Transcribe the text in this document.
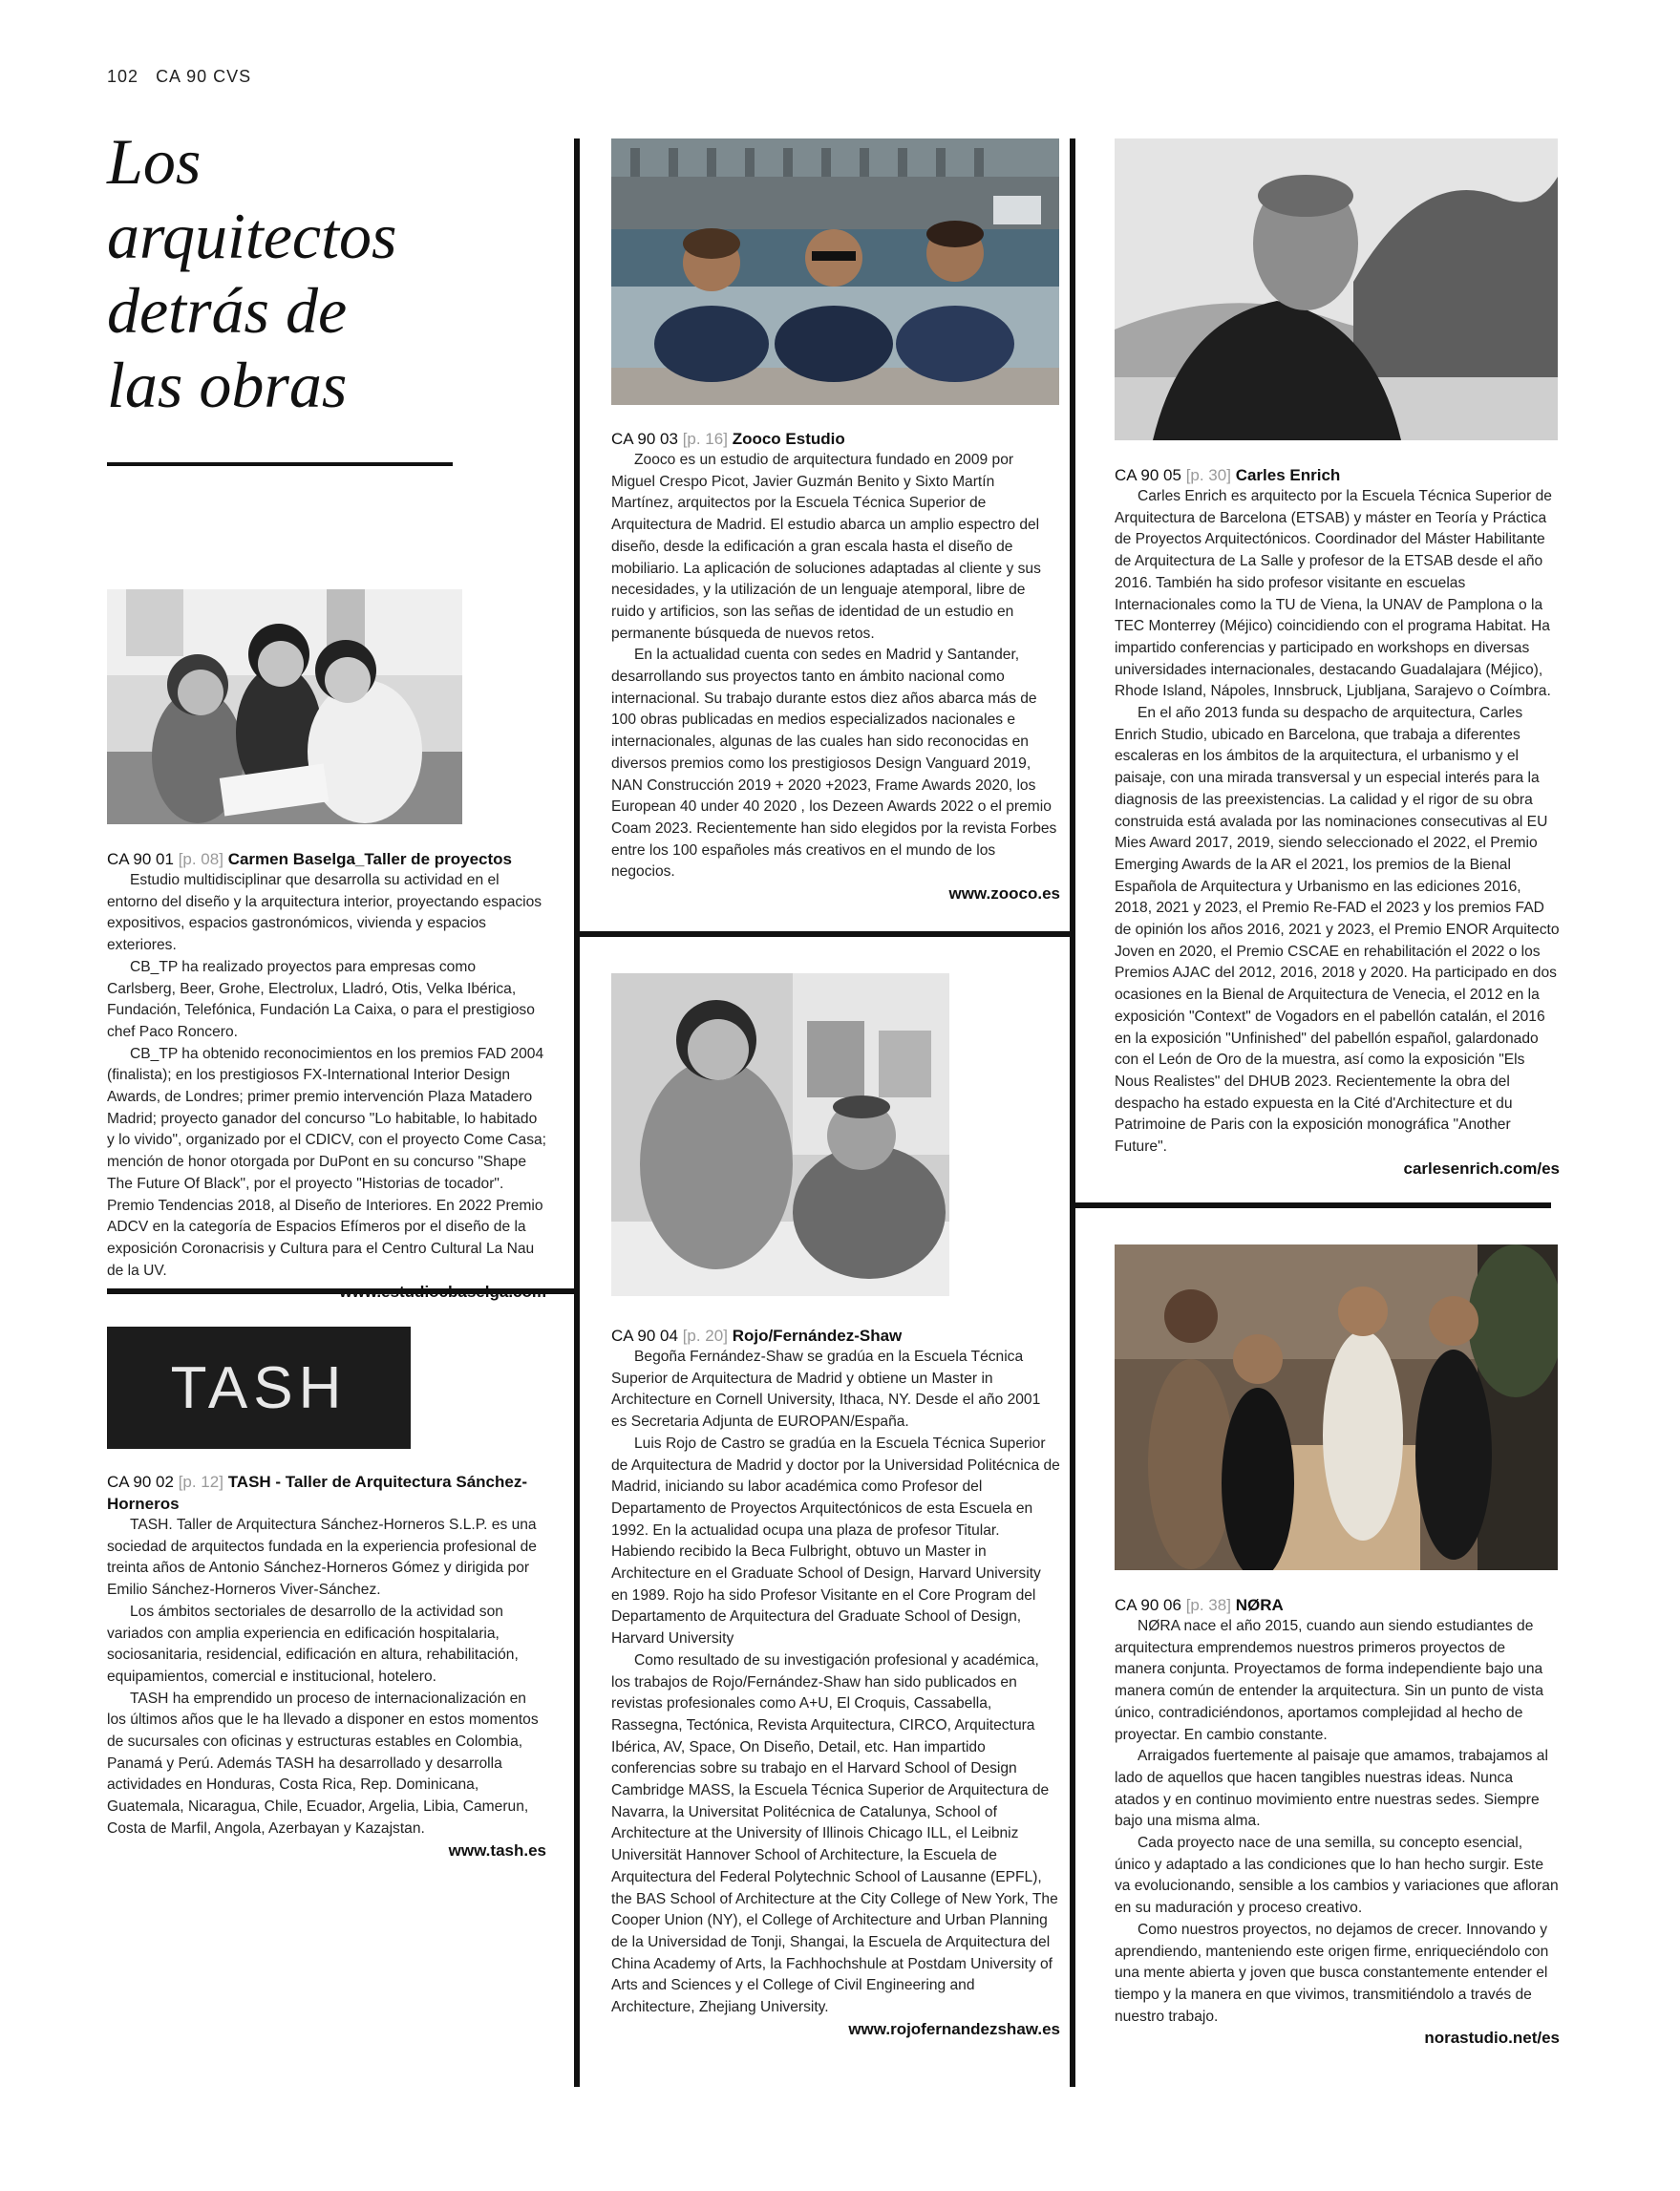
102 CA 90 CVS
Los
arquitectos
detrás de
las obras
CA 90 01 [p. 08] Carmen Baselga_Taller de proyectos

Estudio multidisciplinar que desarrolla su actividad en el entorno del diseño y la arquitectura interior, proyectando espacios expositivos, espacios gastronómicos, vivienda y espacios exteriores.

CB_TP ha realizado proyectos para empresas como Carlsberg, Beer, Grohe, Electrolux, Lladró, Otis, Velka Ibérica, Fundación, Telefónica, Fundación La Caixa, o para el prestigioso chef Paco Roncero.

CB_TP ha obtenido reconocimientos en los premios FAD 2004 (finalista); en los prestigiosos FX-International Interior Design Awards, de Londres; primer premio intervención Plaza Matadero Madrid; proyecto ganador del concurso "Lo habitable, lo habitado y lo vivido", organizado por el CDICV, con el proyecto Come Casa; mención de honor otorgada por DuPont en su concurso "Shape The Future Of Black", por el proyecto "Historias de tocador". Premio Tendencias 2018, al Diseño de Interiores. En 2022 Premio ADCV en la categoría de Espacios Efímeros por el diseño de la exposición Coronacrisis y Cultura para el Centro Cultural La Nau de la UV.

www.estudiocbaselga.com
TASH
CA 90 02 [p. 12] TASH - Taller de Arquitectura Sánchez-Horneros

TASH. Taller de Arquitectura Sánchez-Horneros S.L.P. es una sociedad de arquitectos fundada en la experiencia profesional de treinta años de Antonio Sánchez-Horneros Gómez y dirigida por Emilio Sánchez-Horneros Viver-Sánchez.

Los ámbitos sectoriales de desarrollo de la actividad son variados con amplia experiencia en edificación hospitalaria, sociosanitaria, residencial, edificación en altura, rehabilitación, equipamientos, comercial e institucional, hotelero.

TASH ha emprendido un proceso de internacionalización en los últimos años que le ha llevado a disponer en estos momentos de sucursales con oficinas y estructuras estables en Colombia, Panamá y Perú. Además TASH ha desarrollado y desarrolla actividades en Honduras, Costa Rica, Rep. Dominicana, Guatemala, Nicaragua, Chile, Ecuador, Argelia, Libia, Camerun, Costa de Marfil, Angola, Azerbayan y Kazajstan.

www.tash.es
CA 90 03 [p. 16] Zooco Estudio

Zooco es un estudio de arquitectura fundado en 2009 por Miguel Crespo Picot, Javier Guzmán Benito y Sixto Martín Martínez, arquitectos por la Escuela Técnica Superior de Arquitectura de Madrid. El estudio abarca un amplio espectro del diseño, desde la edificación a gran escala hasta el diseño de mobiliario. La aplicación de soluciones adaptadas al cliente y sus necesidades, y la utilización de un lenguaje atemporal, libre de ruido y artificios, son las señas de identidad de un estudio en permanente búsqueda de nuevos retos.

En la actualidad cuenta con sedes en Madrid y Santander, desarrollando sus proyectos tanto en ámbito nacional como internacional. Su trabajo durante estos diez años abarca más de 100 obras publicadas en medios especializados nacionales e internacionales, algunas de las cuales han sido reconocidas en diversos premios como los prestigiosos Design Vanguard 2019, NAN Construcción 2019 + 2020 +2023, Frame Awards 2020, los European 40 under 40 2020 , los Dezeen Awards 2022 o el premio Coam 2023. Recientemente han sido elegidos por la revista Forbes entre los 100 españoles más creativos en el mundo de los negocios.

www.zooco.es
CA 90 04 [p. 20] Rojo/Fernández-Shaw

Begoña Fernández-Shaw se gradúa en la Escuela Técnica Superior de Arquitectura de Madrid y obtiene un Master in Architecture en Cornell University, Ithaca, NY. Desde el año 2001 es Secretaria Adjunta de EUROPAN/España.

Luis Rojo de Castro se gradúa en la Escuela Técnica Superior de Arquitectura de Madrid y doctor por la Universidad Politécnica de Madrid, iniciando su labor académica como Profesor del Departamento de Proyectos Arquitectónicos de esta Escuela en 1992. En la actualidad ocupa una plaza de profesor Titular. Habiendo recibido la Beca Fulbright, obtuvo un Master in Architecture en el Graduate School of Design, Harvard University en 1989. Rojo ha sido Profesor Visitante en el Core Program del Departamento de Arquitectura del Graduate School of Design, Harvard University

Como resultado de su investigación profesional y académica, los trabajos de Rojo/Fernández-Shaw han sido publicados en revistas profesionales como A+U, El Croquis, Cassabella, Rassegna, Tectónica, Revista Arquitectura, CIRCO, Arquitectura Ibérica, AV, Space, On Diseño, Detail, etc. Han impartido conferencias sobre su trabajo en el Harvard School of Design Cambridge MASS, la Escuela Técnica Superior de Arquitectura de Navarra, la Universitat Politécnica de Catalunya, School of Architecture at the University of Illinois Chicago ILL, el Leibniz Universität Hannover School of Architecture, la Escuela de Arquitectura del Federal Polytechnic School of Lausanne (EPFL), the BAS School of Architecture at the City College of New York, The Cooper Union (NY), el College of Architecture and Urban Planning de la Universidad de Tonji, Shangai, la Escuela de Arquitectura del China Academy of Arts, la Fachhochshule at Postdam University of Arts and Sciences y el College of Civil Engineering and Architecture, Zhejiang University.

www.rojofernandezshaw.es
CA 90 05 [p. 30] Carles Enrich

Carles Enrich es arquitecto por la Escuela Técnica Superior de Arquitectura de Barcelona (ETSAB) y máster en Teoría y Práctica de Proyectos Arquitectónicos. Coordinador del Máster Habilitante de Arquitectura de La Salle y profesor de la ETSAB desde el año 2016. También ha sido profesor visitante en escuelas Internacionales como la TU de Viena, la UNAV de Pamplona o la TEC Monterrey (Méjico) coincidiendo con el programa Habitat. Ha impartido conferencias y participado en workshops en diversas universidades internacionales, destacando Guadalajara (Méjico), Rhode Island, Nápoles, Innsbruck, Ljubljana, Sarajevo o Coímbra.

En el año 2013 funda su despacho de arquitectura, Carles Enrich Studio, ubicado en Barcelona, que trabaja a diferentes escaleras en los ámbitos de la arquitectura, el urbanismo y el paisaje, con una mirada transversal y un especial interés para la diagnosis de las preexistencias. La calidad y el rigor de su obra construida está avalada por las nominaciones consecutivas al EU Mies Award 2017, 2019, siendo seleccionado el 2022, el Premio Emerging Awards de la AR el 2021, los premios de la Bienal Española de Arquitectura y Urbanismo en las ediciones 2016, 2018, 2021 y 2023, el Premio Re-FAD el 2023 y los premios FAD de opinión los años 2016, 2021 y 2023, el Premio ENOR Arquitecto Joven en 2020, el Premio CSCAE en rehabilitación el 2022 o los Premios AJAC del 2012, 2016, 2018 y 2020. Ha participado en dos ocasiones en la Bienal de Arquitectura de Venecia, el 2012 en la exposición "Context" de Vogadors en el pabellón catalán, el 2016 en la exposición "Unfinished" del pabellón español, galardonado con el León de Oro de la muestra, así como la exposición "Els Nous Realistes" del DHUB 2023. Recientemente la obra del despacho ha estado expuesta en la Cité d'Architecture et du Patrimoine de Paris con la exposición monográfica "Another Future".

carlesenrich.com/es
CA 90 06 [p. 38] NØRA

NØRA nace el año 2015, cuando aun siendo estudiantes de arquitectura emprendemos nuestros primeros proyectos de manera conjunta. Proyectamos de forma independiente bajo una manera común de entender la arquitectura. Sin un punto de vista único, contradiciéndonos, aportamos complejidad al hecho de proyectar. En cambio constante.

Arraigados fuertemente al paisaje que amamos, trabajamos al lado de aquellos que hacen tangibles nuestras ideas. Nunca atados y en continuo movimiento entre nuestras sedes. Siempre bajo una misma alma.

Cada proyecto nace de una semilla, su concepto esencial, único y adaptado a las condiciones que lo han hecho surgir. Este va evolucionando, sensible a los cambios y variaciones que afloran en su maduración y proceso creativo.

Como nuestros proyectos, no dejamos de crecer. Innovando y aprendiendo, manteniendo este origen firme, enriqueciéndolo con una mente abierta y joven que busca constantemente entender el tiempo y la manera en que vivimos, transmitiéndolo a través de nuestro trabajo.

norastudio.net/es
